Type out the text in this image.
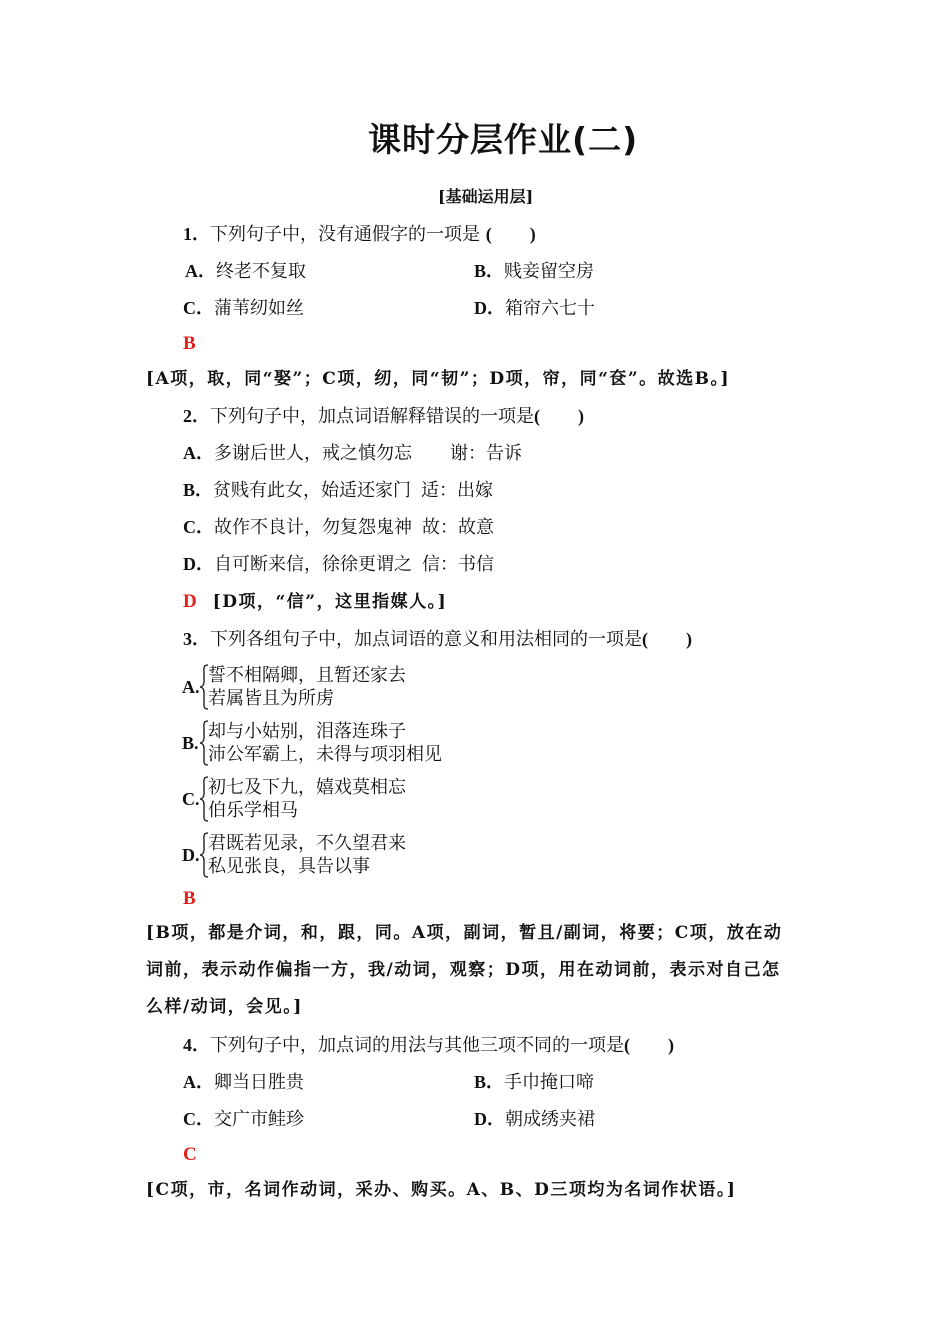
课时分层作业(二)
[基础运用层]
1．下列句子中，没有通假字的一项是 ( )
A．终老不复取	B．贱妾留空房
C．蒲苇纫如丝	D．箱帘六七十
B
[A项，取，同“娶”；C项，纫，同“韧”；D项，帘，同“奁”。故选B。]
2．下列句子中，加点词语解释错误的一项是( )
A．多谢后世人，戒之慎勿忘 谢：告诉
B．贫贱有此女，始适还家门 适：出嫁
C．故作不良计，勿复怨鬼神 故：故意
D．自可断来信，徐徐更谓之 信：书信
D [D项，“信”，这里指媒人。]
3．下列各组句子中，加点词语的意义和用法相同的一项是( )
A.
誓不相隔卿，且暂还家去
若属皆且为所虏
B.
却与小姑别，泪落连珠子
沛公军霸上，未得与项羽相见
C.
初七及下九，嬉戏莫相忘
伯乐学相马
D.
君既若见录，不久望君来
私见张良，具告以事
B
[B项，都是介词，和，跟，同。A项，副词，暂且/副词，将要；C项，放在动
词前，表示动作偏指一方，我/动词，观察；D项，用在动词前，表示对自己怎
么样/动词，会见。]
4．下列句子中，加点词的用法与其他三项不同的一项是( )
A．卿当日胜贵	B．手巾掩口啼
C．交广市鲑珍	D．朝成绣夹裙
C
[C项，市，名词作动词，采办、购买。A、B、D三项均为名词作状语。]
